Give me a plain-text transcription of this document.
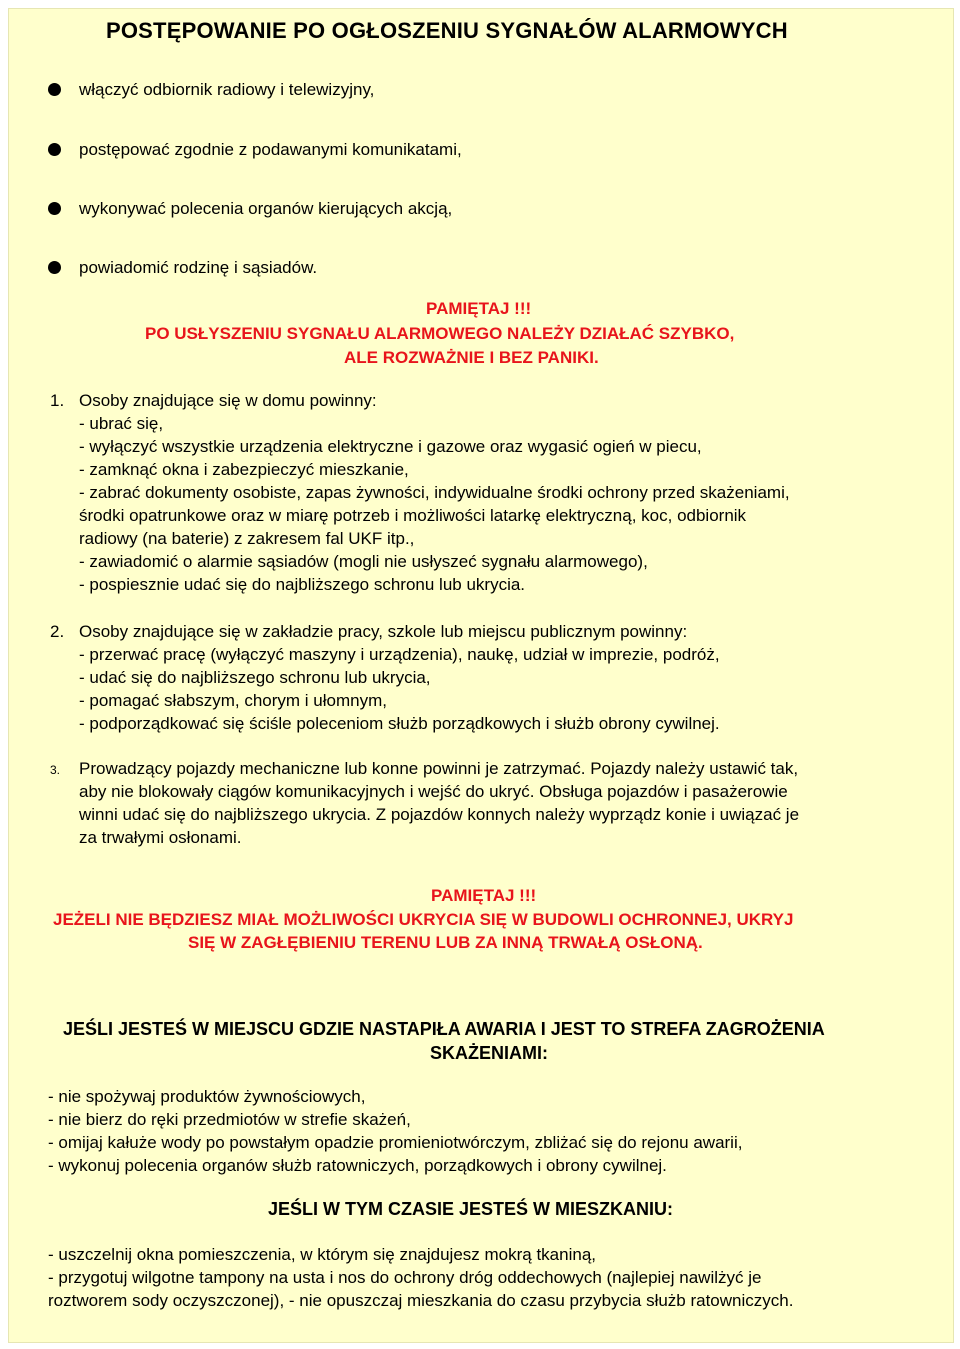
POSTĘPOWANIE PO OGŁOSZENIU SYGNAŁÓW ALARMOWYCH
włączyć odbiornik radiowy i telewizyjny,
postępować zgodnie z podawanymi komunikatami,
wykonywać polecenia organów kierujących akcją,
powiadomić rodzinę i sąsiadów.
PAMIĘTAJ !!!
PO USŁYSZENIU SYGNAŁU ALARMOWEGO NALEŻY DZIAŁAĆ SZYBKO,
ALE ROZWAŻNIE I BEZ PANIKI.
1. Osoby znajdujące się w domu powinny:
- ubrać się,
- wyłączyć wszystkie urządzenia elektryczne i gazowe oraz wygasić ogień w piecu,
- zamknąć okna i zabezpieczyć mieszkanie,
- zabrać dokumenty osobiste, zapas żywności, indywidualne środki ochrony przed skażeniami,
środki opatrunkowe oraz w miarę potrzeb i możliwości latarkę elektryczną, koc, odbiornik
radiowy (na baterie) z zakresem fal UKF itp.,
- zawiadomić o alarmie sąsiadów (mogli nie usłyszeć sygnału alarmowego),
- pospiesznie udać się do najbliższego schronu lub ukrycia.
2. Osoby znajdujące się w zakładzie pracy, szkole lub miejscu publicznym powinny:
- przerwać pracę (wyłączyć maszyny i urządzenia), naukę, udział w imprezie, podróż,
- udać się do najbliższego schronu lub ukrycia,
- pomagać słabszym, chorym i ułomnym,
- podporządkować się ściśle poleceniom służb porządkowych i służb obrony cywilnej.
3. Prowadzący pojazdy mechaniczne lub konne powinni je zatrzymać. Pojazdy należy ustawić tak,
aby nie blokowały ciągów komunikacyjnych i wejść do ukryć. Obsługa pojazdów i pasażerowie
winni udać się do najbliższego ukrycia. Z pojazdów konnych należy wyprządz konie i uwiązać je
za trwałymi osłonami.
PAMIĘTAJ !!!
JEŻELI NIE BĘDZIESZ MIAŁ MOŻLIWOŚCI UKRYCIA SIĘ W BUDOWLI OCHRONNEJ, UKRYJ
SIĘ W ZAGŁĘBIENIU TERENU LUB ZA INNĄ TRWAŁĄ OSŁONĄ.
JEŚLI JESTEŚ W MIEJSCU GDZIE NASTAPIŁA AWARIA I JEST TO STREFA ZAGROŻENIA
SKAŻENIAMI:
- nie spożywaj produktów żywnościowych,
- nie bierz do ręki przedmiotów w strefie skażeń,
- omijaj kałuże wody po powstałym opadzie promieniotwórczym, zbliżać się do rejonu awarii,
- wykonuj polecenia organów służb ratowniczych, porządkowych i obrony cywilnej.
JEŚLI W TYM CZASIE JESTEŚ W MIESZKANIU:
- uszczelnij okna pomieszczenia, w którym się znajdujesz mokrą tkaniną,
- przygotuj wilgotne tampony na usta i nos do ochrony dróg oddechowych (najlepiej nawilżyć je
roztworem sody oczyszczonej), - nie opuszczaj mieszkania do czasu przybycia służb ratowniczych.
